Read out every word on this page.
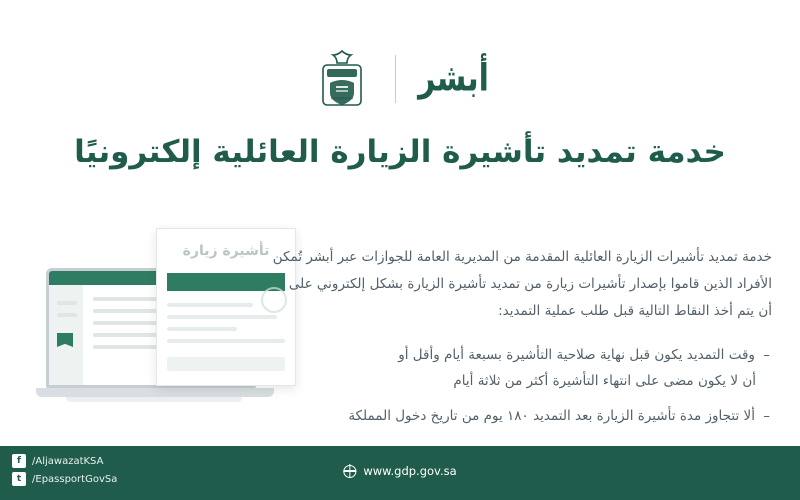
أبشر
خدمة تمديد تأشيرة الزيارة العائلية إلكترونيًا
تأشيرة زيارة خدمة تمديد تأشيرات الزيارة العائلية المقدمة من المديرية العامة للجوازات عبر أبشر تُمكن الأفراد الذين قاموا بإصدار تأشيرات زيارة من تمديد تأشيرة الزيارة بشكل إلكتروني على أن يتم أخذ النقاط التالية قبل طلب عملية التمديد:

– وقت التمديد يكون قبل نهاية صلاحية التأشيرة بسبعة أيام وأقل أو
أن لا يكون مضى على انتهاء التأشيرة أكثر من ثلاثة أيام
– ألا تتجاوز مدة تأشيرة الزيارة بعد التمديد ١٨٠ يوم من تاريخ دخول المملكة
f	/AljawazatKSA
t	/EpassportGovSa
www.gdp.gov.sa
